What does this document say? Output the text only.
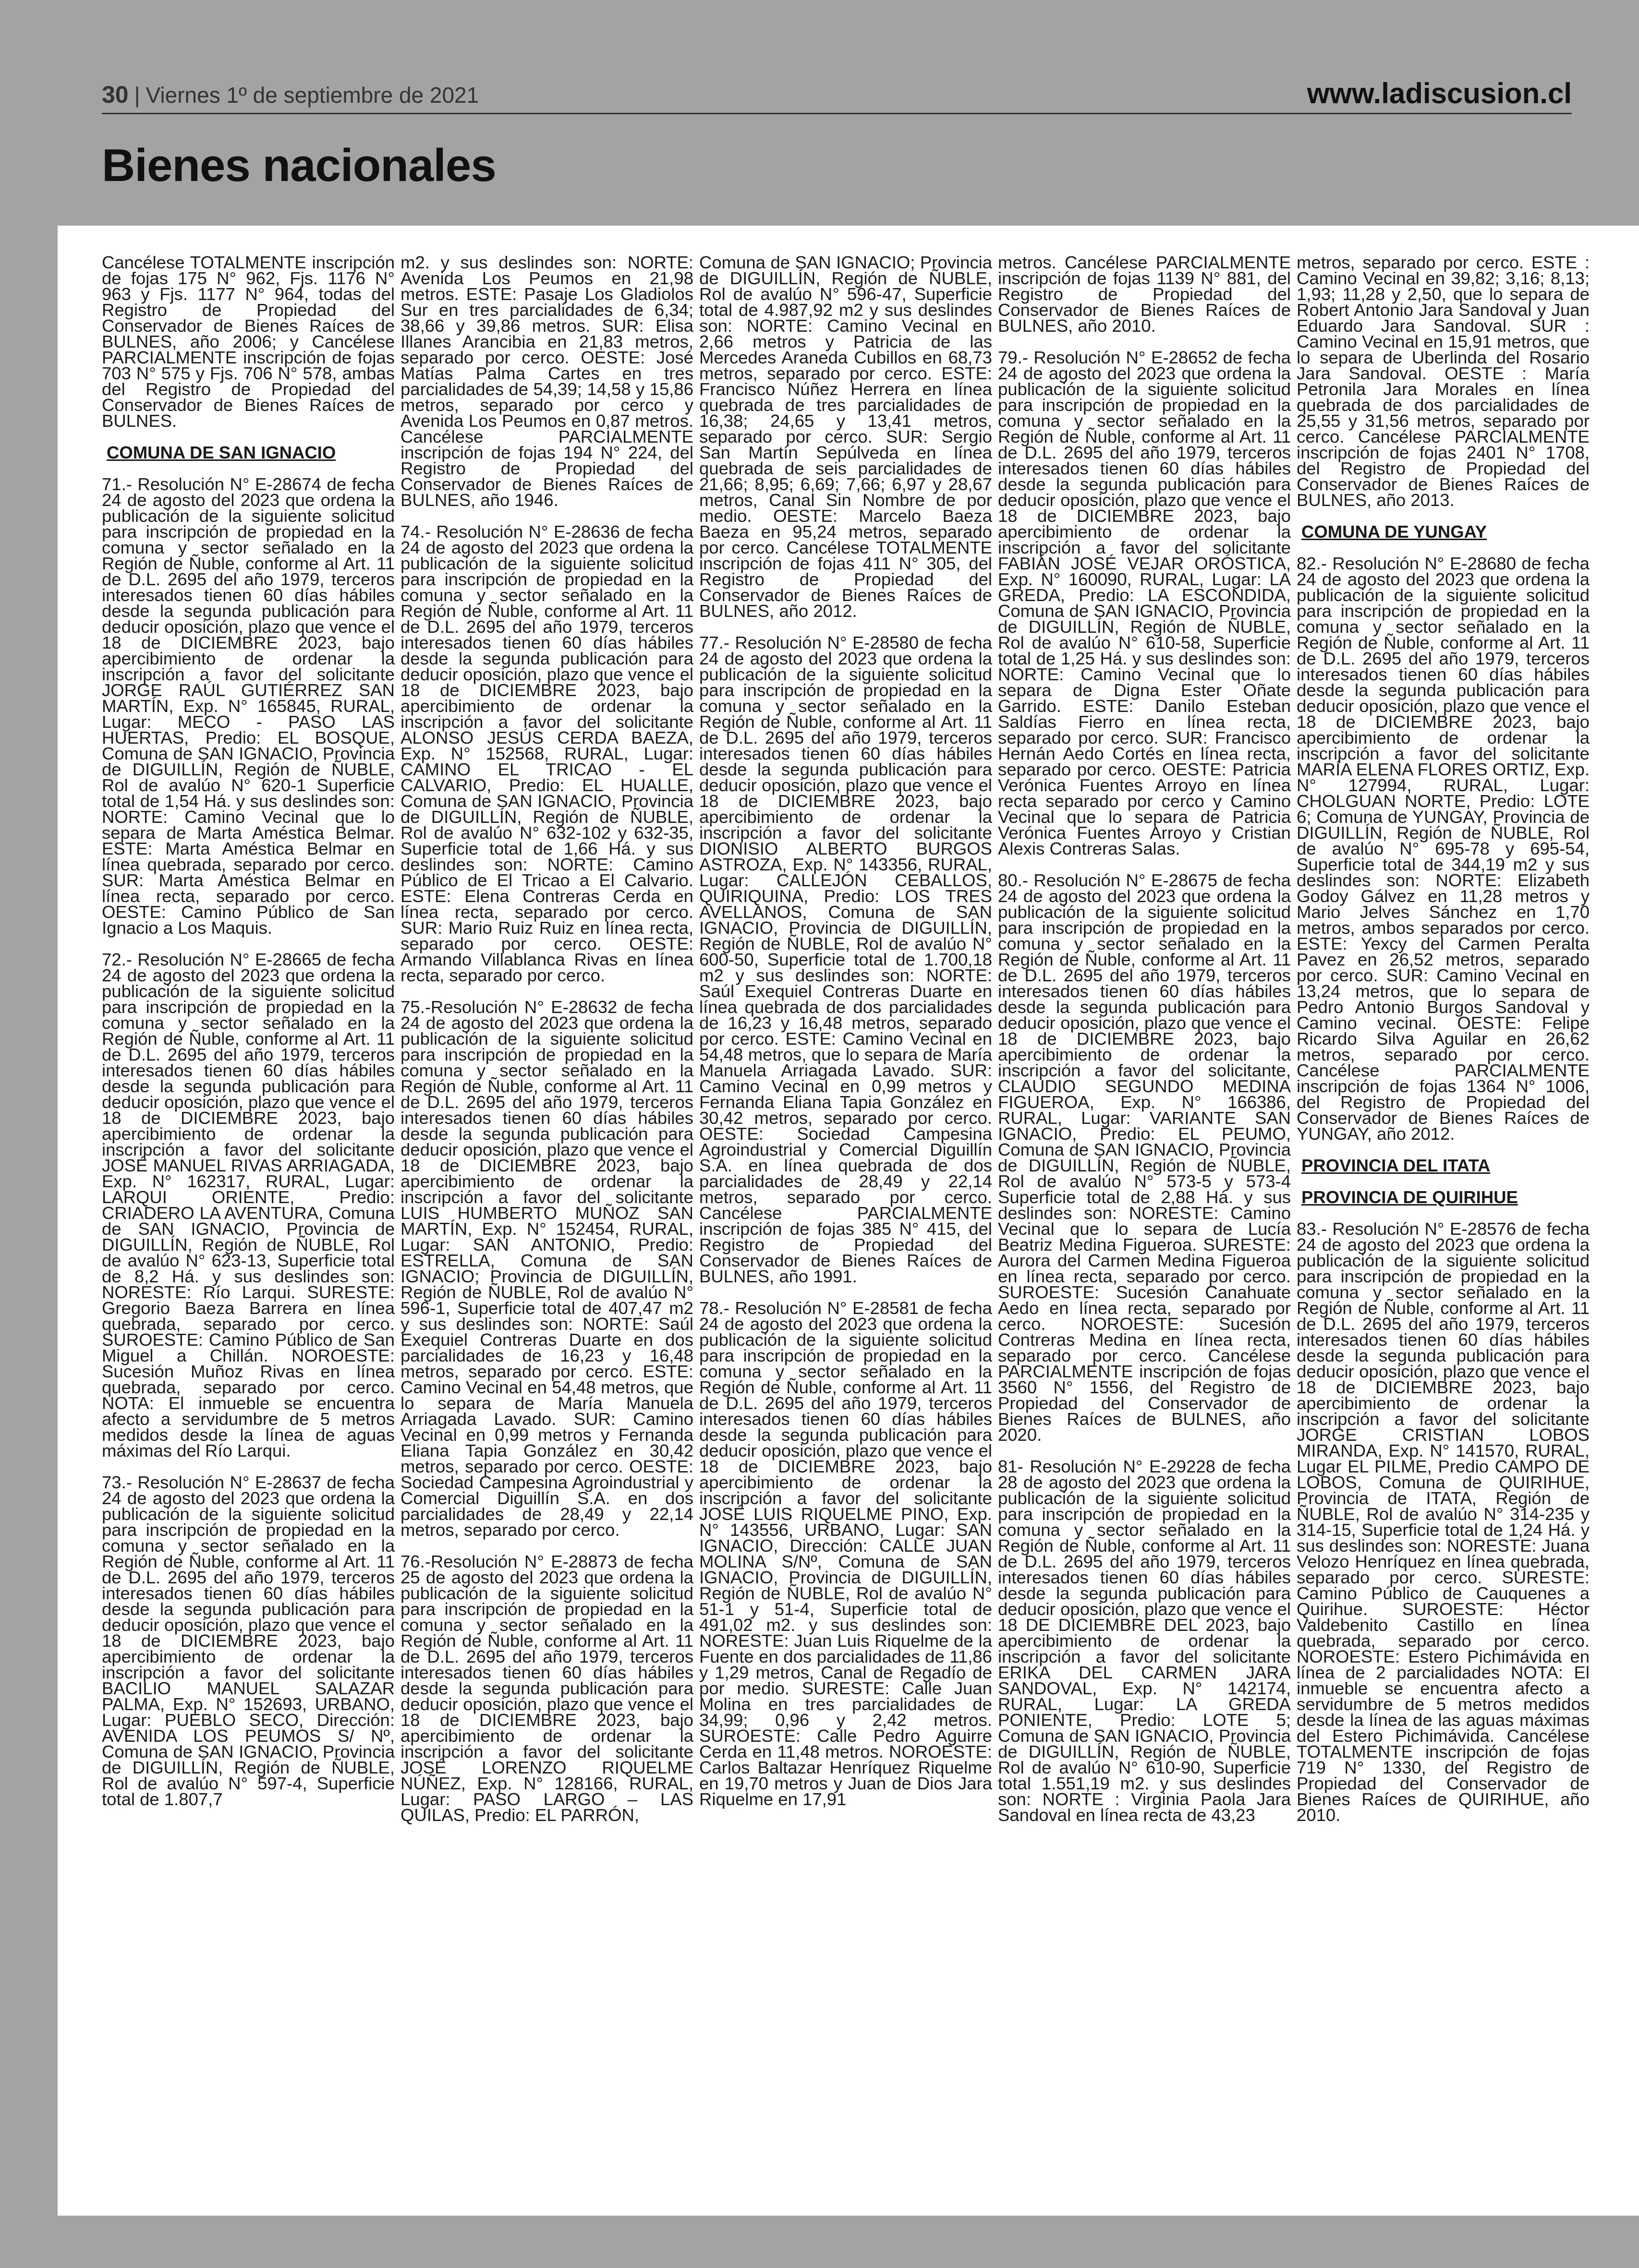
30 | Viernes 1º de septiembre de 2021	www.ladiscusion.cl
Bienes nacionales

Cancélese TOTALMENTE inscripción de fojas 175 N° 962, Fjs. 1176 N° 963 y Fjs. 1177 N° 964, todas del Registro de Propiedad del Conservador de Bienes Raíces de BULNES, año 2006; y Cancélese PARCIALMENTE inscripción de fojas 703 N° 575 y Fjs. 706 N° 578, ambas del Registro de Propiedad del Conservador de Bienes Raíces de BULNES.

COMUNA DE SAN IGNACIO

71.- Resolución N° E-28674 de fecha 24 de agosto del 2023 que ordena la publicación de la siguiente solicitud para inscripción de propiedad en la comuna y sector señalado en la Región de Ñuble, conforme al Art. 11 de D.L. 2695 del año 1979, terceros interesados tienen 60 días hábiles desde la segunda publicación para deducir oposición, plazo que vence el 18 de DICIEMBRE 2023, bajo apercibimiento de ordenar la inscripción a favor del solicitante JORGE RAÚL GUTIÉRREZ SAN MARTÍN, Exp. N° 165845, RURAL, Lugar: MECO - PASO LAS HUERTAS, Predio: EL BOSQUE, Comuna de SAN IGNACIO, Provincia de DIGUILLÍN, Región de ÑUBLE, Rol de avalúo N° 620-1 Superficie total de 1,54 Há. y sus deslindes son: NORTE: Camino Vecinal que lo separa de Marta Améstica Belmar. ESTE: Marta Améstica Belmar en línea quebrada, separado por cerco. SUR: Marta Améstica Belmar en línea recta, separado por cerco. OESTE: Camino Público de San Ignacio a Los Maquis.

72.- Resolución N° E-28665 de fecha 24 de agosto del 2023 que ordena la publicación de la siguiente solicitud para inscripción de propiedad en la comuna y sector señalado en la Región de Ñuble, conforme al Art. 11 de D.L. 2695 del año 1979, terceros interesados tienen 60 días hábiles desde la segunda publicación para deducir oposición, plazo que vence el 18 de DICIEMBRE 2023, bajo apercibimiento de ordenar la inscripción a favor del solicitante JOSÉ MANUEL RIVAS ARRIAGADA, Exp. N° 162317, RURAL, Lugar: LARQUI ORIENTE, Predio: CRIADERO LA AVENTURA, Comuna de SAN IGNACIO, Provincia de DIGUILLÍN, Región de ÑUBLE, Rol de avalúo N° 623-13, Superficie total de 8,2 Há. y sus deslindes son: NORESTE: Río Larqui. SURESTE: Gregorio Baeza Barrera en línea quebrada, separado por cerco. SUROESTE: Camino Público de San Miguel a Chillán. NOROESTE: Sucesión Muñoz Rivas en línea quebrada, separado por cerco. NOTA: El inmueble se encuentra afecto a servidumbre de 5 metros medidos desde la línea de aguas máximas del Río Larqui.

73.- Resolución N° E-28637 de fecha 24 de agosto del 2023 que ordena la publicación de la siguiente solicitud para inscripción de propiedad en la comuna y sector señalado en la Región de Ñuble, conforme al Art. 11 de D.L. 2695 del año 1979, terceros interesados tienen 60 días hábiles desde la segunda publicación para deducir oposición, plazo que vence el 18 de DICIEMBRE 2023, bajo apercibimiento de ordenar la inscripción a favor del solicitante BACILIO MANUEL SALAZAR PALMA, Exp. N° 152693, URBANO, Lugar: PUEBLO SECO, Dirección: AVENIDA LOS PEUMOS S/ Nº, Comuna de SAN IGNACIO, Provincia de DIGUILLÍN, Región de ÑUBLE, Rol de avalúo N° 597-4, Superficie total de 1.807,7

m2. y sus deslindes son: NORTE: Avenida Los Peumos en 21,98 metros. ESTE: Pasaje Los Gladiolos Sur en tres parcialidades de 6,34; 38,66 y 39,86 metros. SUR: Elisa Illanes Arancibia en 21,83 metros, separado por cerco. OESTE: José Matías Palma Cartes en tres parcialidades de 54,39; 14,58 y 15,86 metros, separado por cerco y Avenida Los Peumos en 0,87 metros. Cancélese PARCIALMENTE inscripción de fojas 194 N° 224, del Registro de Propiedad del Conservador de Bienes Raíces de BULNES, año 1946.

74.- Resolución N° E-28636 de fecha 24 de agosto del 2023 que ordena la publicación de la siguiente solicitud para inscripción de propiedad en la comuna y sector señalado en la Región de Ñuble, conforme al Art. 11 de D.L. 2695 del año 1979, terceros interesados tienen 60 días hábiles desde la segunda publicación para deducir oposición, plazo que vence el 18 de DICIEMBRE 2023, bajo apercibimiento de ordenar la inscripción a favor del solicitante ALONSO JESÚS CERDA BAEZA, Exp. N° 152568, RURAL, Lugar: CAMINO EL TRICAO - EL CALVARIO, Predio: EL HUALLE, Comuna de SAN IGNACIO, Provincia de DIGUILLÍN, Región de ÑUBLE, Rol de avalúo N° 632-102 y 632-35, Superficie total de 1,66 Há. y sus deslindes son: NORTE: Camino Público de El Tricao a El Calvario. ESTE: Elena Contreras Cerda en línea recta, separado por cerco. SUR: Mario Ruiz Ruiz en línea recta, separado por cerco. OESTE: Armando Villablanca Rivas en línea recta, separado por cerco.

75.-Resolución N° E-28632 de fecha 24 de agosto del 2023 que ordena la publicación de la siguiente solicitud para inscripción de propiedad en la comuna y sector señalado en la Región de Ñuble, conforme al Art. 11 de D.L. 2695 del año 1979, terceros interesados tienen 60 días hábiles desde la segunda publicación para deducir oposición, plazo que vence el 18 de DICIEMBRE 2023, bajo apercibimiento de ordenar la inscripción a favor del solicitante LUIS HUMBERTO MUÑOZ SAN MARTÍN, Exp. N° 152454, RURAL, Lugar: SAN ANTONIO, Predio: ESTRELLA, Comuna de SAN IGNACIO; Provincia de DIGUILLÍN, Región de ÑUBLE, Rol de avalúo N° 596-1, Superficie total de 407,47 m2 y sus deslindes son: NORTE: Saúl Exequiel Contreras Duarte en dos parcialidades de 16,23 y 16,48 metros, separado por cerco. ESTE: Camino Vecinal en 54,48 metros, que lo separa de María Manuela Arriagada Lavado. SUR: Camino Vecinal en 0,99 metros y Fernanda Eliana Tapia González en 30,42 metros, separado por cerco. OESTE: Sociedad Campesina Agroindustrial y Comercial Diguillín S.A. en dos parcialidades de 28,49 y 22,14 metros, separado por cerco.

76.-Resolución N° E-28873 de fecha 25 de agosto del 2023 que ordena la publicación de la siguiente solicitud para inscripción de propiedad en la comuna y sector señalado en la Región de Ñuble, conforme al Art. 11 de D.L. 2695 del año 1979, terceros interesados tienen 60 días hábiles desde la segunda publicación para deducir oposición, plazo que vence el 18 de DICIEMBRE 2023, bajo apercibimiento de ordenar la inscripción a favor del solicitante JOSÉ LORENZO RIQUELME NÚÑEZ, Exp. N° 128166, RURAL, Lugar: PASO LARGO – LAS QUILAS, Predio: EL PARRÓN,

Comuna de SAN IGNACIO; Provincia de DIGUILLÍN, Región de ÑUBLE, Rol de avalúo N° 596-47, Superficie total de 4.987,92 m2 y sus deslindes son: NORTE: Camino Vecinal en 2,66 metros y Patricia de las Mercedes Araneda Cubillos en 68,73 metros, separado por cerco. ESTE: Francisco Núñez Herrera en línea quebrada de tres parcialidades de 16,38; 24,65 y 13,41 metros, separado por cerco. SUR: Sergio San Martín Sepúlveda en línea quebrada de seis parcialidades de 21,66; 8,95; 6,69; 7,66; 6,97 y 28,67 metros, Canal Sin Nombre de por medio. OESTE: Marcelo Baeza Baeza en 95,24 metros, separado por cerco. Cancélese TOTALMENTE inscripción de fojas 411 N° 305, del Registro de Propiedad del Conservador de Bienes Raíces de BULNES, año 2012.

77.- Resolución N° E-28580 de fecha 24 de agosto del 2023 que ordena la publicación de la siguiente solicitud para inscripción de propiedad en la comuna y sector señalado en la Región de Ñuble, conforme al Art. 11 de D.L. 2695 del año 1979, terceros interesados tienen 60 días hábiles desde la segunda publicación para deducir oposición, plazo que vence el 18 de DICIEMBRE 2023, bajo apercibimiento de ordenar la inscripción a favor del solicitante DIONISIO ALBERTO BURGOS ASTROZA, Exp. N° 143356, RURAL, Lugar: CALLEJÓN CEBALLOS, QUIRIQUINA, Predio: LOS TRES AVELLANOS, Comuna de SAN IGNACIO, Provincia de DIGUILLÍN, Región de ÑUBLE, Rol de avalúo N° 600-50, Superficie total de 1.700,18 m2 y sus deslindes son: NORTE: Saúl Exequiel Contreras Duarte en línea quebrada de dos parcialidades de 16,23 y 16,48 metros, separado por cerco. ESTE: Camino Vecinal en 54,48 metros, que lo separa de María Manuela Arriagada Lavado. SUR: Camino Vecinal en 0,99 metros y Fernanda Eliana Tapia González en 30,42 metros, separado por cerco. OESTE: Sociedad Campesina Agroindustrial y Comercial Diguillín S.A. en línea quebrada de dos parcialidades de 28,49 y 22,14 metros, separado por cerco. Cancélese PARCIALMENTE inscripción de fojas 385 N° 415, del Registro de Propiedad del Conservador de Bienes Raíces de BULNES, año 1991.

78.- Resolución N° E-28581 de fecha 24 de agosto del 2023 que ordena la publicación de la siguiente solicitud para inscripción de propiedad en la comuna y sector señalado en la Región de Ñuble, conforme al Art. 11 de D.L. 2695 del año 1979, terceros interesados tienen 60 días hábiles desde la segunda publicación para deducir oposición, plazo que vence el 18 de DICIEMBRE 2023, bajo apercibimiento de ordenar la inscripción a favor del solicitante JOSÉ LUIS RIQUELME PINO, Exp. N° 143556, URBANO, Lugar: SAN IGNACIO, Dirección: CALLE JUAN MOLINA S/Nº, Comuna de SAN IGNACIO, Provincia de DIGUILLÍN, Región de ÑUBLE, Rol de avalúo N° 51-1 y 51-4, Superficie total de 491,02 m2. y sus deslindes son: NORESTE: Juan Luis Riquelme de la Fuente en dos parcialidades de 11,86 y 1,29 metros, Canal de Regadío de por medio. SURESTE: Calle Juan Molina en tres parcialidades de 34,99; 0,96 y 2,42 metros. SUROESTE: Calle Pedro Aguirre Cerda en 11,48 metros. NOROESTE: Carlos Baltazar Henríquez Riquelme en 19,70 metros y Juan de Dios Jara Riquelme en 17,91

metros. Cancélese PARCIALMENTE inscripción de fojas 1139 N° 881, del Registro de Propiedad del Conservador de Bienes Raíces de BULNES, año 2010.

79.- Resolución N° E-28652 de fecha 24 de agosto del 2023 que ordena la publicación de la siguiente solicitud para inscripción de propiedad en la comuna y sector señalado en la Región de Ñuble, conforme al Art. 11 de D.L. 2695 del año 1979, terceros interesados tienen 60 días hábiles desde la segunda publicación para deducir oposición, plazo que vence el 18 de DICIEMBRE 2023, bajo apercibimiento de ordenar la inscripción a favor del solicitante FABIÁN JOSÉ VEJAR ORÓSTICA, Exp. N° 160090, RURAL, Lugar: LA GREDA, Predio: LA ESCONDIDA, Comuna de SAN IGNACIO, Provincia de DIGUILLÍN, Región de ÑUBLE, Rol de avalúo N° 610-58, Superficie total de 1,25 Há. y sus deslindes son: NORTE: Camino Vecinal que lo separa de Digna Ester Oñate Garrido. ESTE: Danilo Esteban Saldías Fierro en línea recta, separado por cerco. SUR: Francisco Hernán Aedo Cortés en línea recta, separado por cerco. OESTE: Patricia Verónica Fuentes Arroyo en línea recta separado por cerco y Camino Vecinal que lo separa de Patricia Verónica Fuentes Arroyo y Cristian Alexis Contreras Salas.

80.- Resolución N° E-28675 de fecha 24 de agosto del 2023 que ordena la publicación de la siguiente solicitud para inscripción de propiedad en la comuna y sector señalado en la Región de Ñuble, conforme al Art. 11 de D.L. 2695 del año 1979, terceros interesados tienen 60 días hábiles desde la segunda publicación para deducir oposición, plazo que vence el 18 de DICIEMBRE 2023, bajo apercibimiento de ordenar la inscripción a favor del solicitante, CLAUDIO SEGUNDO MEDINA FIGUEROA, Exp. N° 166386, RURAL, Lugar: VARIANTE SAN IGNACIO, Predio: EL PEUMO, Comuna de SAN IGNACIO, Provincia de DIGUILLÍN, Región de ÑUBLE, Rol de avalúo N° 573-5 y 573-4 Superficie total de 2,88 Há. y sus deslindes son: NORESTE: Camino Vecinal que lo separa de Lucía Beatriz Medina Figueroa. SURESTE: Aurora del Carmen Medina Figueroa en línea recta, separado por cerco. SUROESTE: Sucesión Canahuate Aedo en línea recta, separado por cerco. NOROESTE: Sucesión Contreras Medina en línea recta, separado por cerco. Cancélese PARCIALMENTE inscripción de fojas 3560 N° 1556, del Registro de Propiedad del Conservador de Bienes Raíces de BULNES, año 2020.

81- Resolución N° E-29228 de fecha 28 de agosto del 2023 que ordena la publicación de la siguiente solicitud para inscripción de propiedad en la comuna y sector señalado en la Región de Ñuble, conforme al Art. 11 de D.L. 2695 del año 1979, terceros interesados tienen 60 días hábiles desde la segunda publicación para deducir oposición, plazo que vence el 18 DE DICIEMBRE DEL 2023, bajo apercibimiento de ordenar la inscripción a favor del solicitante ERIKA DEL CARMEN JARA SANDOVAL, Exp. N° 142174, RURAL, Lugar: LA GREDA PONIENTE, Predio: LOTE 5; Comuna de SAN IGNACIO, Provincia de DIGUILLÍN, Región de ÑUBLE, Rol de avalúo N° 610-90, Superficie total 1.551,19 m2. y sus deslindes son: NORTE : Virginia Paola Jara Sandoval en línea recta de 43,23

metros, separado por cerco. ESTE : Camino Vecinal en 39,82; 3,16; 8,13; 1,93; 11,28 y 2,50, que lo separa de Robert Antonio Jara Sandoval y Juan Eduardo Jara Sandoval. SUR : Camino Vecinal en 15,91 metros, que lo separa de Uberlinda del Rosario Jara Sandoval. OESTE : María Petronila Jara Morales en línea quebrada de dos parcialidades de 25,55 y 31,56 metros, separado por cerco. Cancélese PARCIALMENTE inscripción de fojas 2401 N° 1708, del Registro de Propiedad del Conservador de Bienes Raíces de BULNES, año 2013.

COMUNA DE YUNGAY

82.- Resolución N° E-28680 de fecha 24 de agosto del 2023 que ordena la publicación de la siguiente solicitud para inscripción de propiedad en la comuna y sector señalado en la Región de Ñuble, conforme al Art. 11 de D.L. 2695 del año 1979, terceros interesados tienen 60 días hábiles desde la segunda publicación para deducir oposición, plazo que vence el 18 de DICIEMBRE 2023, bajo apercibimiento de ordenar la inscripción a favor del solicitante MARÍA ELENA FLORES ORTIZ, Exp. N° 127994, RURAL, Lugar: CHOLGUAN NORTE, Predio: LOTE 6; Comuna de YUNGAY, Provincia de DIGUILLÍN, Región de ÑUBLE, Rol de avalúo N° 695-78 y 695-54, Superficie total de 344,19 m2 y sus deslindes son: NORTE: Elizabeth Godoy Gálvez en 11,28 metros y Mario Jelves Sánchez en 1,70 metros, ambos separados por cerco. ESTE: Yexcy del Carmen Peralta Pavez en 26,52 metros, separado por cerco. SUR: Camino Vecinal en 13,24 metros, que lo separa de Pedro Antonio Burgos Sandoval y Camino vecinal. OESTE: Felipe Ricardo Silva Aguilar en 26,62 metros, separado por cerco. Cancélese PARCIALMENTE inscripción de fojas 1364 N° 1006, del Registro de Propiedad del Conservador de Bienes Raíces de YUNGAY, año 2012.

PROVINCIA DEL ITATA
PROVINCIA DE QUIRIHUE

83.- Resolución N° E-28576 de fecha 24 de agosto del 2023 que ordena la publicación de la siguiente solicitud para inscripción de propiedad en la comuna y sector señalado en la Región de Ñuble, conforme al Art. 11 de D.L. 2695 del año 1979, terceros interesados tienen 60 días hábiles desde la segunda publicación para deducir oposición, plazo que vence el 18 de DICIEMBRE 2023, bajo apercibimiento de ordenar la inscripción a favor del solicitante JORGE CRISTIAN LOBOS MIRANDA, Exp. N° 141570, RURAL, Lugar EL PILME, Predio CAMPO DE LOBOS, Comuna de QUIRIHUE, Provincia de ITATA, Región de ÑUBLE, Rol de avalúo N° 314-235 y 314-15, Superficie total de 1,24 Há. y sus deslindes son: NORESTE: Juana Velozo Henríquez en línea quebrada, separado por cerco. SURESTE: Camino Público de Cauquenes a Quirihue. SUROESTE: Héctor Valdebenito Castillo en línea quebrada, separado por cerco. NOROESTE: Estero Pichimávida en línea de 2 parcialidades NOTA: El inmueble se encuentra afecto a servidumbre de 5 metros medidos desde la línea de las aguas máximas del Estero Pichimávida. Cancélese TOTALMENTE inscripción de fojas 719 N° 1330, del Registro de Propiedad del Conservador de Bienes Raíces de QUIRIHUE, año 2010.
